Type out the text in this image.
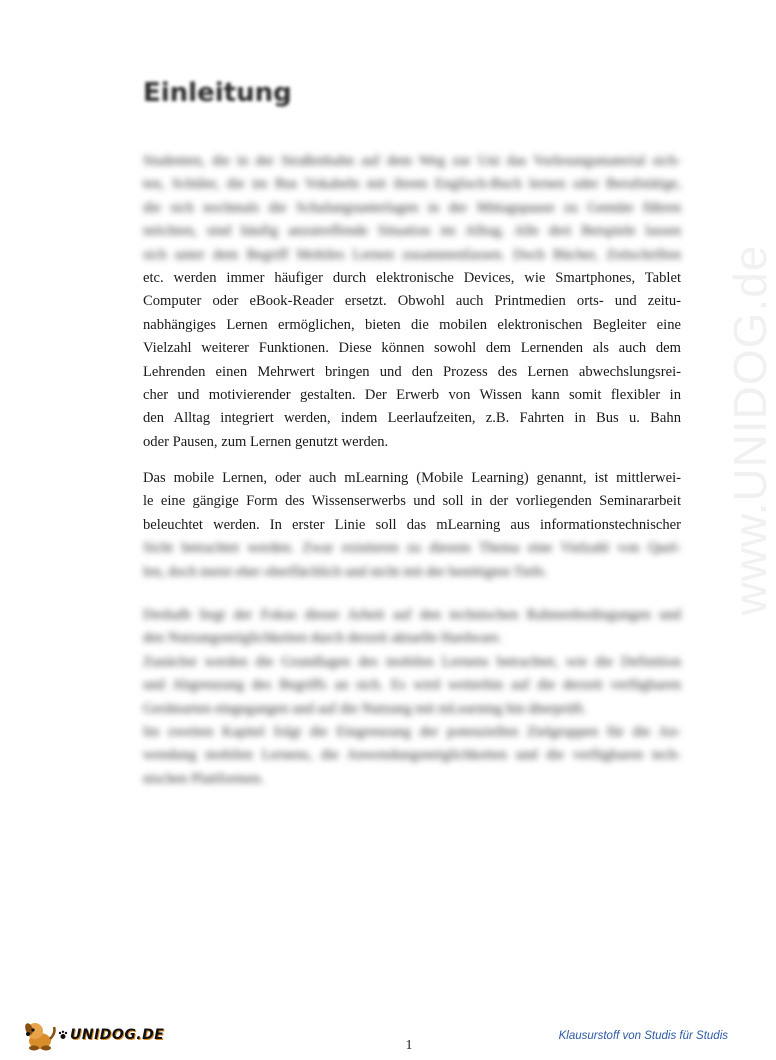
www.UNIDOG.de
Einleitung
Studenten, die in der Straßenbahn auf dem Weg zur Uni das Vorlesungsmaterial sich-
ten, Schüler, die im Bus Vokabeln mit ihrem Englisch-Buch lernen oder Berufstätige,
die sich nochmals die Schulungsunterlagen in der Mittagspause zu Gemüte führen
möchten, sind häufig anzutreffende Situation im Alltag. Alle drei Beispiele lassen
sich unter dem Begriff Mobiles Lernen zusammenfassen. Doch Bücher, Zeitschriften
etc. werden immer häufiger durch elektronische Devices, wie Smartphones, Tablet
Computer oder eBook-Reader ersetzt. Obwohl auch Printmedien orts- und zeitu-
nabhängiges Lernen ermöglichen, bieten die mobilen elektronischen Begleiter eine
Vielzahl weiterer Funktionen. Diese können sowohl dem Lernenden als auch dem
Lehrenden einen Mehrwert bringen und den Prozess des Lernen abwechslungsrei-
cher und motivierender gestalten. Der Erwerb von Wissen kann somit flexibler in
den Alltag integriert werden, indem Leerlaufzeiten, z.B. Fahrten in Bus u. Bahn
oder Pausen, zum Lernen genutzt werden.
Das mobile Lernen, oder auch mLearning (Mobile Learning) genannt, ist mittlerwei-
le eine gängige Form des Wissenserwerbs und soll in der vorliegenden Seminararbeit
beleuchtet werden. In erster Linie soll das mLearning aus informationstechnischer
Sicht betrachtet werden. Zwar existieren zu diesem Thema eine Vielzahl von Quel-
len, doch meist eher oberflächlich und nicht mit der benötigten Tiefe.
Deshalb liegt der Fokus dieser Arbeit auf den technischen Rahmenbedingungen und
den Nutzungsmöglichkeiten durch derzeit aktuelle Hardware.
Zunächst werden die Grundlagen des mobilen Lernens betrachtet, wie die Definition
und Abgrenzung des Begriffs an sich. Es wird weiterhin auf die derzeit verfügbaren
Gerätearten eingegangen und auf die Nutzung mit mLearning hin überprüft.
Im zweiten Kapitel folgt die Eingrenzung der potenziellen Zielgruppen für die An-
wendung mobilen Lernens, die Anwendungsmöglichkeiten und die verfügbaren tech-
nischen Plattformen.
UNIDOG.DE
1
Klausurstoff von Studis für Studis
